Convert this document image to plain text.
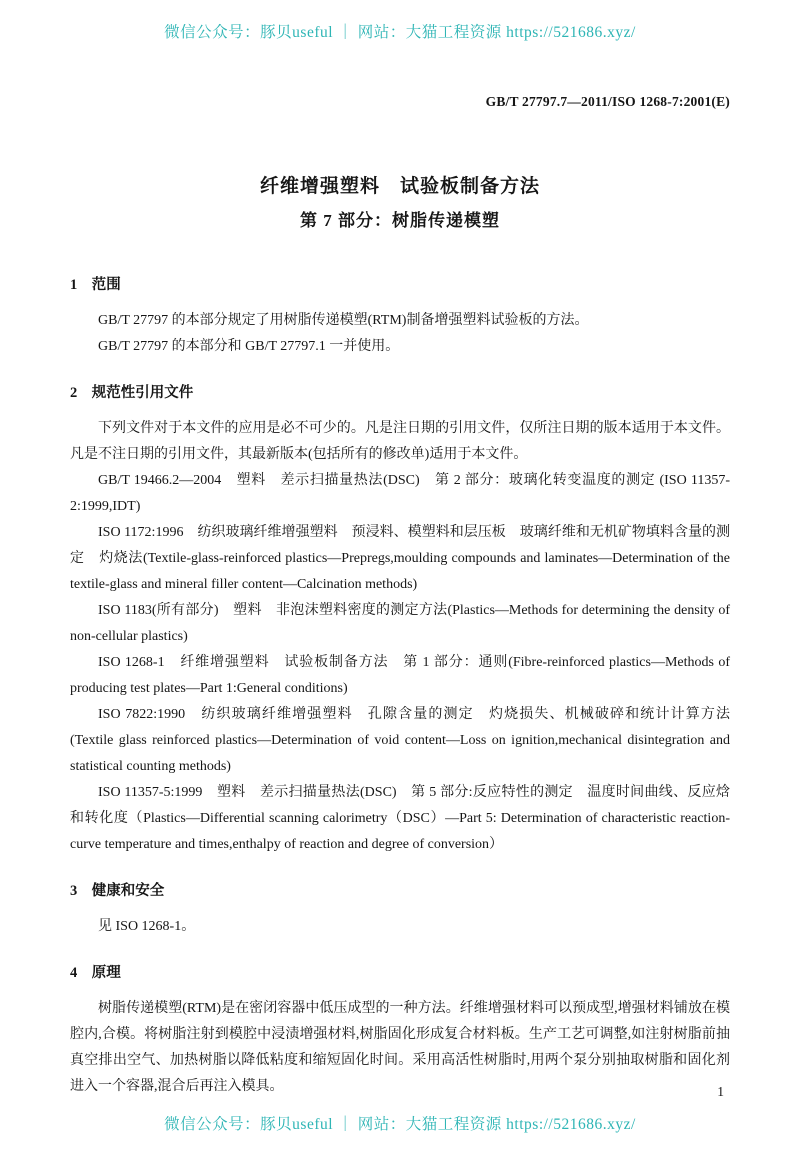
微信公众号：豚贝useful ｜ 网站：大猫工程资源 https://521686.xyz/
GB/T 27797.7—2011/ISO 1268-7:2001(E)
纤维增强塑料　试验板制备方法
第 7 部分：树脂传递模塑
1　范围

GB/T 27797 的本部分规定了用树脂传递模塑(RTM)制备增强塑料试验板的方法。

GB/T 27797 的本部分和 GB/T 27797.1 一并使用。

2　规范性引用文件

下列文件对于本文件的应用是必不可少的。凡是注日期的引用文件，仅所注日期的版本适用于本文件。凡是不注日期的引用文件，其最新版本(包括所有的修改单)适用于本文件。

GB/T 19466.2—2004　塑料　差示扫描量热法(DSC)　第 2 部分：玻璃化转变温度的测定 (ISO 11357-2:1999,IDT)

ISO 1172:1996　纺织玻璃纤维增强塑料　预浸料、模塑料和层压板　玻璃纤维和无机矿物填料含量的测定　灼烧法(Textile-glass-reinforced plastics—Prepregs,moulding compounds and laminates—Determination of the textile-glass and mineral filler content—Calcination methods)

ISO 1183(所有部分)　塑料　非泡沫塑料密度的测定方法(Plastics—Methods for determining the density of non-cellular plastics)

ISO 1268-1　纤维增强塑料　试验板制备方法　第 1 部分：通则(Fibre-reinforced plastics—Methods of producing test plates—Part 1:General conditions)

ISO 7822:1990　纺织玻璃纤维增强塑料　孔隙含量的测定　灼烧损失、机械破碎和统计计算方法(Textile glass reinforced plastics—Determination of void content—Loss on ignition,mechanical disintegration and statistical counting methods)

ISO 11357-5:1999　塑料　差示扫描量热法(DSC)　第 5 部分:反应特性的测定　温度时间曲线、反应焓和转化度（Plastics—Differential scanning calorimetry（DSC）—Part 5: Determination of characteristic reaction-curve temperature and times,enthalpy of reaction and degree of conversion）

3　健康和安全

见 ISO 1268-1。

4　原理

树脂传递模塑(RTM)是在密闭容器中低压成型的一种方法。纤维增强材料可以预成型,增强材料铺放在模腔内,合模。将树脂注射到模腔中浸渍增强材料,树脂固化形成复合材料板。生产工艺可调整,如注射树脂前抽真空排出空气、加热树脂以降低粘度和缩短固化时间。采用高活性树脂时,用两个泵分别抽取树脂和固化剂进入一个容器,混合后再注入模具。	1
微信公众号：豚贝useful ｜ 网站：大猫工程资源 https://521686.xyz/
